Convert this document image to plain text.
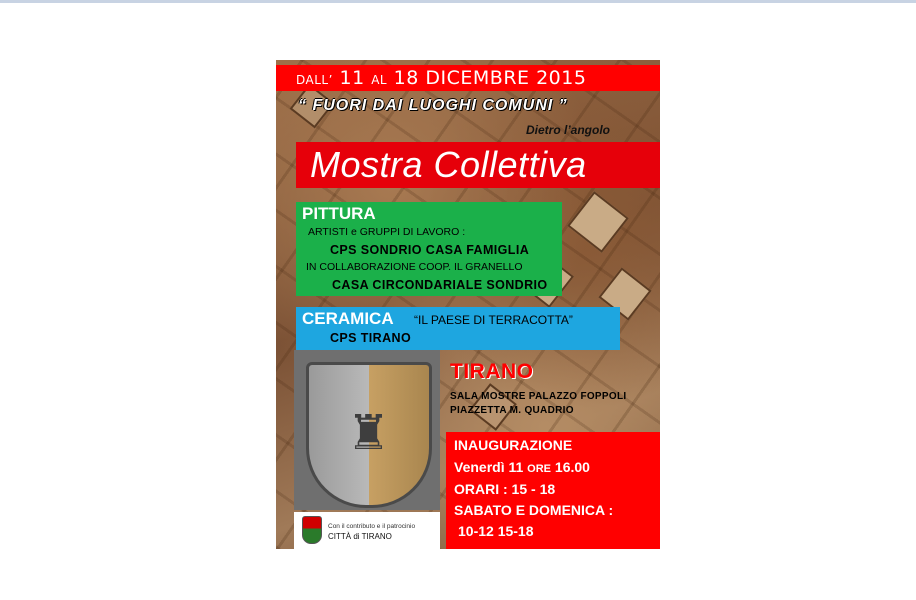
DALL’ 11 AL 18 DICEMBRE 2015
“ FUORI DAI LUOGHI COMUNI ”
Dietro l’angolo
Mostra Collettiva
PITTURA
ARTISTI e GRUPPI DI LAVORO :
CPS SONDRIO CASA FAMIGLIA
IN COLLABORAZIONE COOP. IL GRANELLO
CASA CIRCONDARIALE SONDRIO
CERAMICA “IL PAESE DI TERRACOTTA”
CPS TIRANO
♜
TIRANO
SALA MOSTRE PALAZZO FOPPOLI
PIAZZETTA M. QUADRIO
INAUGURAZIONE
Venerdì 11 ORE 16.00
ORARI : 15 - 18
SABATO E DOMENICA :
10-12 15-18
Con il contributo e il patrocinio
CITTÀ di TIRANO
